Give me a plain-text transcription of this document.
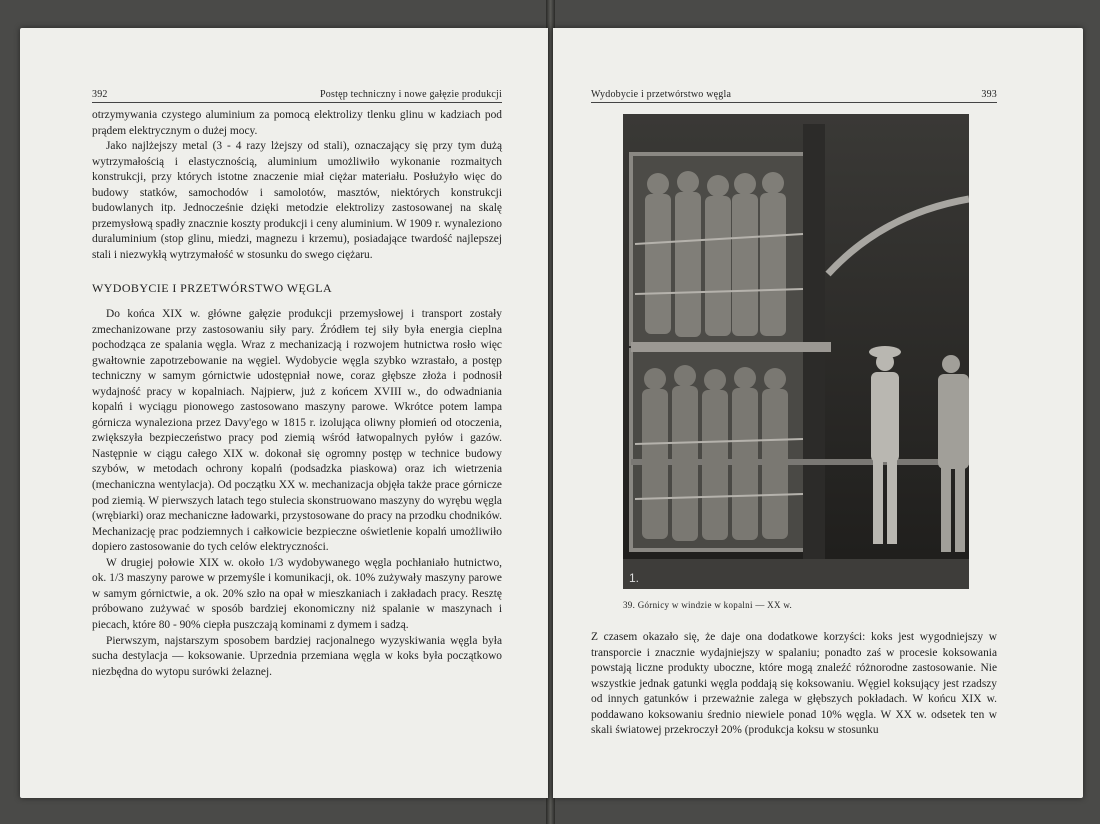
392	Postęp techniczny i nowe gałęzie produkcji

otrzymywania czystego aluminium za pomocą elektrolizy tlenku glinu w kadziach pod prądem elektrycznym o dużej mocy.

Jako najlżejszy metal (3 - 4 razy lżejszy od stali), oznaczający się przy tym dużą wytrzymałością i elastycznością, aluminium umożliwiło wykonanie rozmaitych konstrukcji, przy których istotne znaczenie miał ciężar materiału. Posłużyło więc do budowy statków, samochodów i samolotów, masztów, niektórych konstrukcji budowlanych itp. Jednocześnie dzięki metodzie elektrolizy zastosowanej na skalę przemysłową spadły znacznie koszty produkcji i ceny aluminium. W 1909 r. wynaleziono duraluminium (stop glinu, miedzi, magnezu i krzemu), posiadające twardość najlepszej stali i niezwykłą wytrzymałość w stosunku do swego ciężaru.

WYDOBYCIE I PRZETWÓRSTWO WĘGLA

Do końca XIX w. główne gałęzie produkcji przemysłowej i transport zostały zmechanizowane przy zastosowaniu siły pary. Źródłem tej siły była energia cieplna pochodząca ze spalania węgla. Wraz z mechanizacją i rozwojem hutnictwa rosło więc gwałtownie zapotrzebowanie na węgiel. Wydobycie węgla szybko wzrastało, a postęp techniczny w samym górnictwie udostępniał nowe, coraz głębsze złoża i podnosił wydajność pracy w kopalniach. Najpierw, już z końcem XVIII w., do odwadniania kopalń i wyciągu pionowego zastosowano maszyny parowe. Wkrótce potem lampa górnicza wynaleziona przez Davy'ego w 1815 r. izolująca oliwny płomień od otoczenia, zwiększyła bezpieczeństwo pracy pod ziemią wśród łatwopalnych pyłów i gazów. Następnie w ciągu całego XIX w. dokonał się ogromny postęp w technice budowy szybów, w metodach ochrony kopalń (podsadzka piaskowa) oraz ich wietrzenia (mechaniczna wentylacja). Od początku XX w. mechanizacja objęła także prace górnicze pod ziemią. W pierwszych latach tego stulecia skonstruowano maszyny do wyrębu węgla (wrębiarki) oraz mechaniczne ładowarki, przystosowane do pracy na przodku chodników. Mechanizację prac podziemnych i całkowicie bezpieczne oświetlenie kopalń umożliwiło dopiero zastosowanie do tych celów elektryczności.

W drugiej połowie XIX w. około 1/3 wydobywanego węgla pochłaniało hutnictwo, ok. 1/3 maszyny parowe w przemyśle i komunikacji, ok. 10% zużywały maszyny parowe w samym górnictwie, a ok. 20% szło na opał w mieszkaniach i zakładach pracy. Resztę próbowano zużywać w sposób bardziej ekonomiczny niż spalanie w maszynach i piecach, które 80 - 90% ciepła puszczają kominami z dymem i sadzą.

Pierwszym, najstarszym sposobem bardziej racjonalnego wyzyskiwania węgla była sucha destylacja — koksowanie. Uprzednia przemiana węgla w koks była początkowo niezbędna do wytopu surówki żelaznej.

Wydobycie i przetwórstwo węgla	393
1.
39. Górnicy w windzie w kopalni — XX w.

Z czasem okazało się, że daje ona dodatkowe korzyści: koks jest wygodniejszy w transporcie i znacznie wydajniejszy w spalaniu; ponadto zaś w procesie koksowania powstają liczne produkty uboczne, które mogą znaleźć różnorodne zastosowanie. Nie wszystkie jednak gatunki węgla poddają się koksowaniu. Węgiel koksujący jest rzadszy od innych gatunków i przeważnie zalega w głębszych pokładach. W końcu XIX w. poddawano koksowaniu średnio niewiele ponad 10% węgla. W XX w. odsetek ten w skali światowej przekroczył 20% (produkcja koksu w stosunku
